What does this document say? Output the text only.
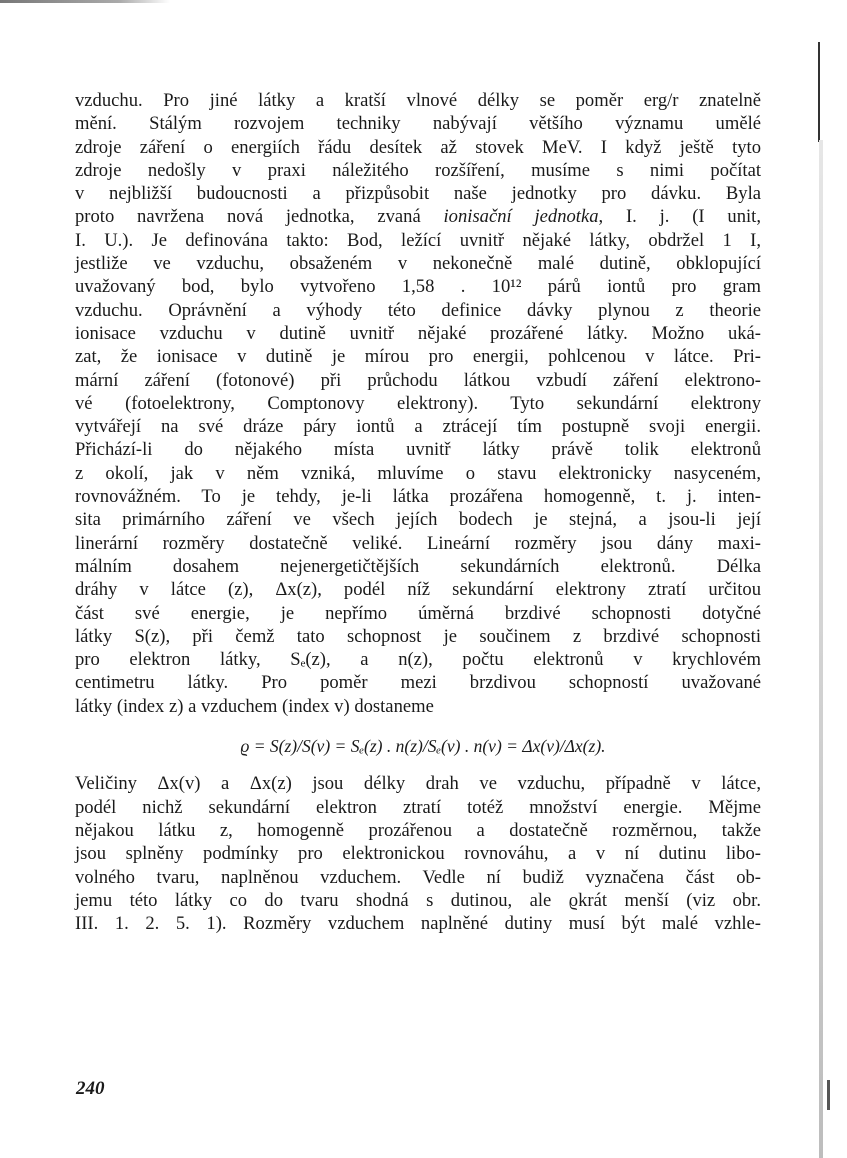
vzduchu. Pro jiné látky a kratší vlnové délky se poměr erg/r znatelně
mění. Stálým rozvojem techniky nabývají většího významu umělé
zdroje záření o energiích řádu desítek až stovek MeV. I když ještě tyto
zdroje nedošly v praxi náležitého rozšíření, musíme s nimi počítat
v nejbližší budoucnosti a přizpůsobit naše jednotky pro dávku. Byla
proto navržena nová jednotka, zvaná ionisační jednotka, I. j. (I unit,
I. U.). Je definována takto: Bod, ležící uvnitř nějaké látky, obdržel 1 I,
jestliže ve vzduchu, obsaženém v nekonečně malé dutině, obklopující
uvažovaný bod, bylo vytvořeno 1,58 . 10¹² párů iontů pro gram
vzduchu. Oprávnění a výhody této definice dávky plynou z theorie
ionisace vzduchu v dutině uvnitř nějaké prozářené látky. Možno uká-
zat, že ionisace v dutině je mírou pro energii, pohlcenou v látce. Pri-
mární záření (fotonové) při průchodu látkou vzbudí záření elektrono-
vé (fotoelektrony, Comptonovy elektrony). Tyto sekundární elektrony
vytvářejí na své dráze páry iontů a ztrácejí tím postupně svoji energii.
Přichází-li do nějakého místa uvnitř látky právě tolik elektronů
z okolí, jak v něm vzniká, mluvíme o stavu elektronicky nasyceném,
rovnovážném. To je tehdy, je-li látka prozářena homogenně, t. j. inten-
sita primárního záření ve všech jejích bodech je stejná, a jsou-li její
linerární rozměry dostatečně veliké. Lineární rozměry jsou dány maxi-
málním dosahem nejenergetičtějších sekundárních elektronů. Délka
dráhy v látce (z), Δx(z), podél níž sekundární elektrony ztratí určitou
část své energie, je nepřímo úměrná brzdivé schopnosti dotyčné
látky S(z), při čemž tato schopnost je součinem z brzdivé schopnosti
pro elektron látky, Sₑ(z), a n(z), počtu elektronů v krychlovém
centimetru látky. Pro poměr mezi brzdivou schopností uvažované
látky (index z) a vzduchem (index v) dostaneme
ϱ = S(z)/S(v) = Sₑ(z) . n(z)/Sₑ(v) . n(v) = Δx(v)/Δx(z).
Veličiny Δx(v) a Δx(z) jsou délky drah ve vzduchu, případně v látce,
podél nichž sekundární elektron ztratí totéž množství energie. Mějme
nějakou látku z, homogenně prozářenou a dostatečně rozměrnou, takže
jsou splněny podmínky pro elektronickou rovnováhu, a v ní dutinu libo-
volného tvaru, naplněnou vzduchem. Vedle ní budiž vyznačena část ob-
jemu této látky co do tvaru shodná s dutinou, ale ϱkrát menší (viz obr.
III. 1. 2. 5. 1). Rozměry vzduchem naplněné dutiny musí být malé vzhle-
240
